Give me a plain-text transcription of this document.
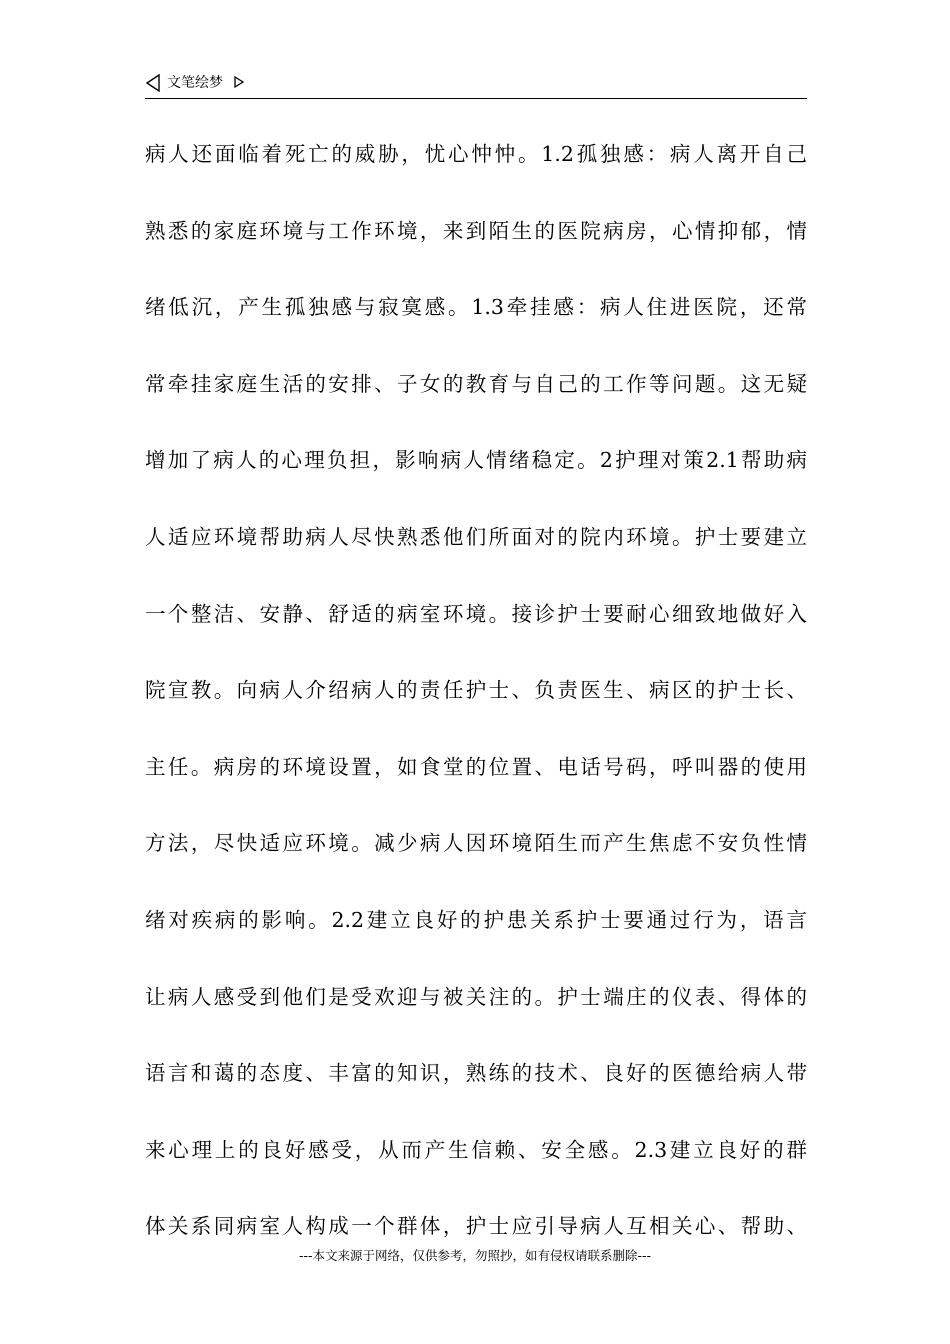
文笔绘梦
病人还面临着死亡的威胁，忧心忡忡。1.2孤独感：病人离开自己
熟悉的家庭环境与工作环境，来到陌生的医院病房，心情抑郁，情
绪低沉，产生孤独感与寂寞感。1.3牵挂感：病人住进医院，还常
常牵挂家庭生活的安排、子女的教育与自己的工作等问题。这无疑
增加了病人的心理负担，影响病人情绪稳定。2护理对策2.1帮助病
人适应环境帮助病人尽快熟悉他们所面对的院内环境。护士要建立
一个整洁、安静、舒适的病室环境。接诊护士要耐心细致地做好入
院宣教。向病人介绍病人的责任护士、负责医生、病区的护士长、
主任。病房的环境设置，如食堂的位置、电话号码，呼叫器的使用
方法，尽快适应环境。减少病人因环境陌生而产生焦虑不安负性情
绪对疾病的影响。2.2建立良好的护患关系护士要通过行为，语言
让病人感受到他们是受欢迎与被关注的。护士端庄的仪表、得体的
语言和蔼的态度、丰富的知识，熟练的技术、良好的医德给病人带
来心理上的良好感受，从而产生信赖、安全感。2.3建立良好的群
体关系同病室人构成一个群体，护士应引导病人互相关心、帮助、
---本文来源于网络，仅供参考，勿照抄，如有侵权请联系删除---
